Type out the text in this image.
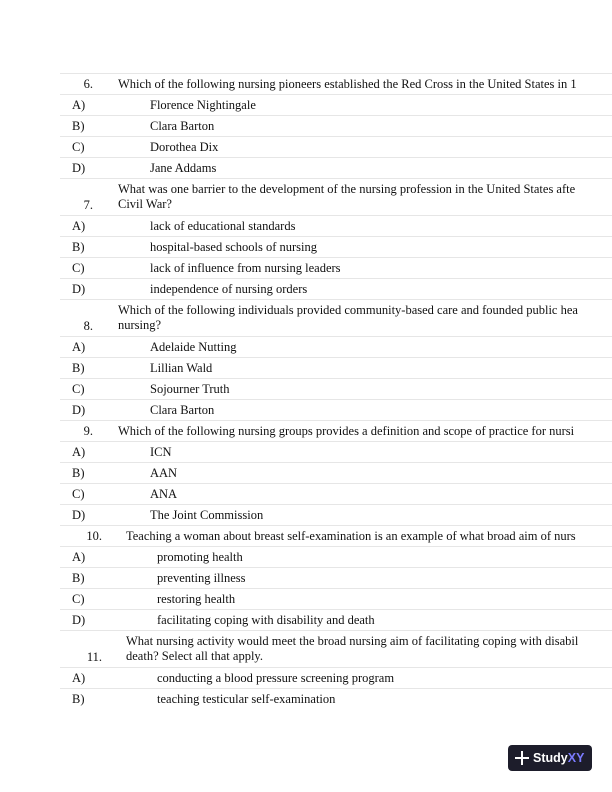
6. Which of the following nursing pioneers established the Red Cross in the United States in 1
A)	Florence Nightingale
B)	Clara Barton
C)	Dorothea Dix
D)	Jane Addams
7.
What was one barrier to the development of the nursing profession in the United States afte
Civil War?
A)	lack of educational standards
B)	hospital-based schools of nursing
C)	lack of influence from nursing leaders
D)	independence of nursing orders
8.
Which of the following individuals provided community-based care and founded public hea
nursing?
A)	Adelaide Nutting
B)	Lillian Wald
C)	Sojourner Truth
D)	Clara Barton
9. Which of the following nursing groups provides a definition and scope of practice for nursi
A)	ICN
B)	AAN
C)	ANA
D)	The Joint Commission
10. Teaching a woman about breast self-examination is an example of what broad aim of nurs
A)	promoting health
B)	preventing illness
C)	restoring health
D)	facilitating coping with disability and death
11.
What nursing activity would meet the broad nursing aim of facilitating coping with disabil
death? Select all that apply.
A)	conducting a blood pressure screening program
B)	teaching testicular self-examination
StudyXY
